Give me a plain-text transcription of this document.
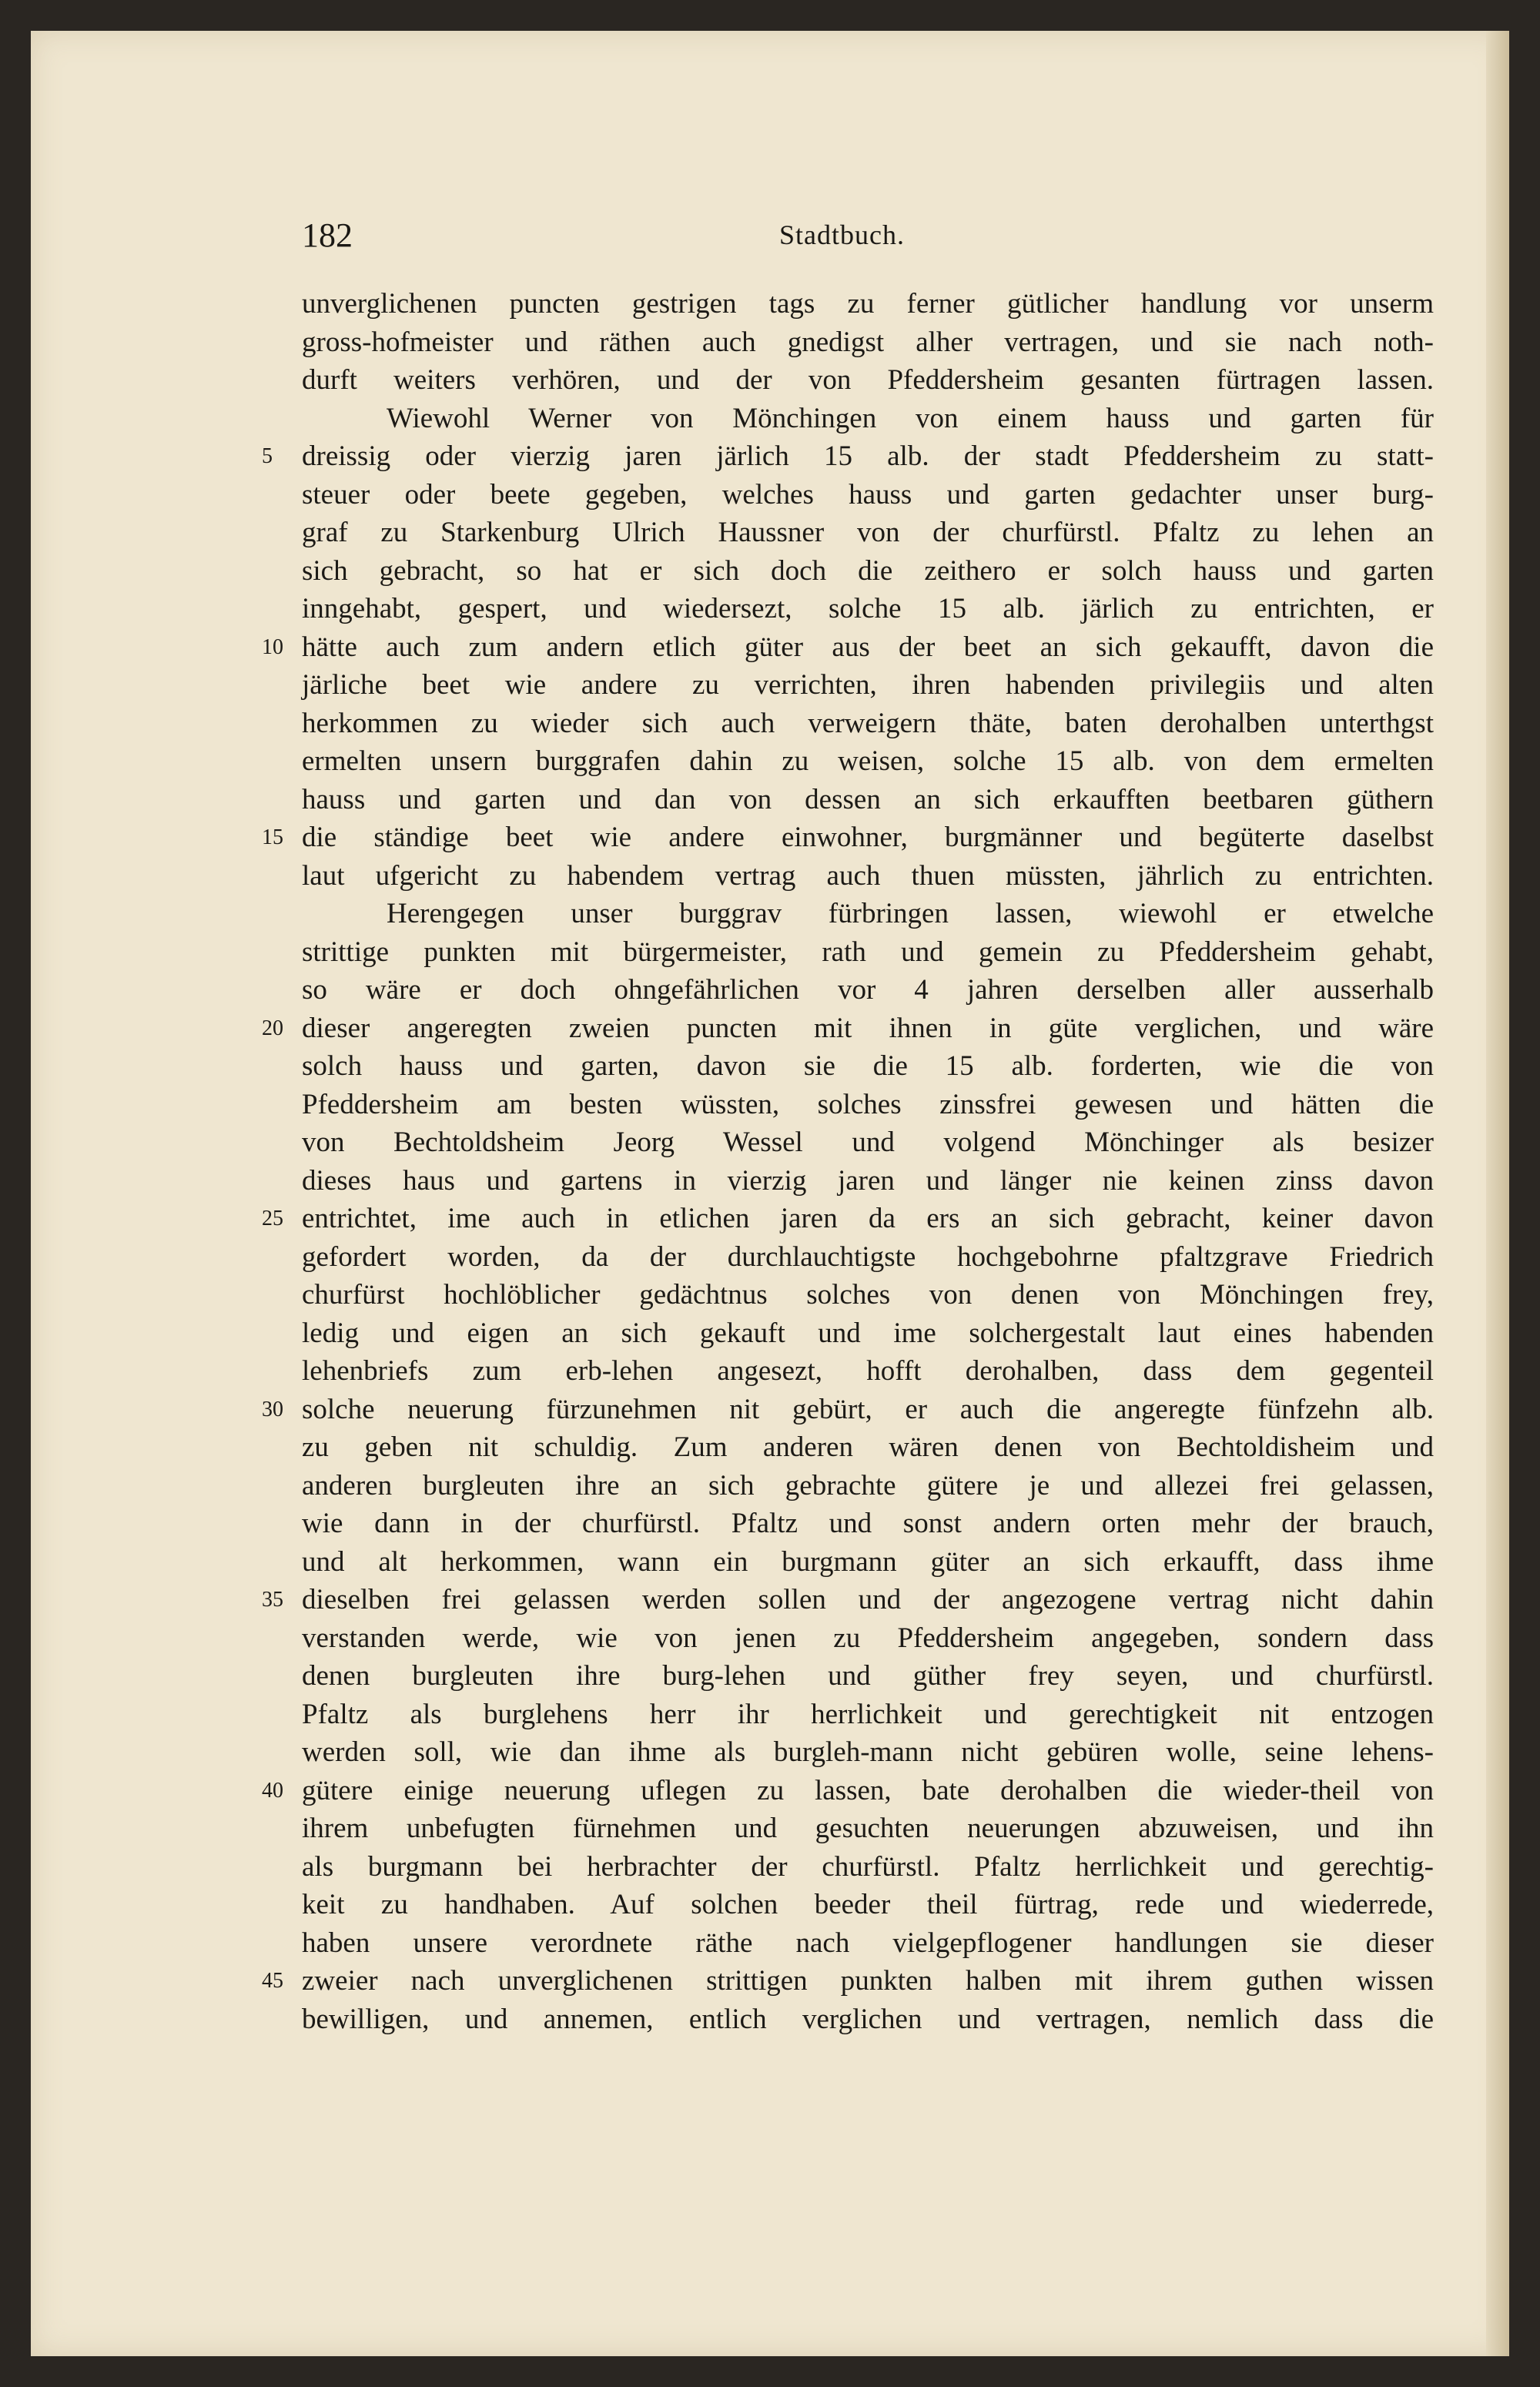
182	Stadtbuch.
unverglichenen puncten gestrigen tags zu ferner gütlicher handlung vor unserm
gross-hofmeister und räthen auch gnedigst alher vertragen, und sie nach noth-
durft weiters verhören, und der von Pfeddersheim gesanten fürtragen lassen.
Wiewohl Werner von Mönchingen von einem hauss und garten für
5	dreissig oder vierzig jaren järlich 15 alb. der stadt Pfeddersheim zu statt-
steuer oder beete gegeben, welches hauss und garten gedachter unser burg-
graf zu Starkenburg Ulrich Haussner von der churfürstl. Pfaltz zu lehen an
sich gebracht, so hat er sich doch die zeithero er solch hauss und garten
inngehabt, gespert, und wiedersezt, solche 15 alb. järlich zu entrichten, er
10 hätte auch zum andern etlich güter aus der beet an sich gekaufft, davon die
järliche beet wie andere zu verrichten, ihren habenden privilegiis und alten
herkommen zu wieder sich auch verweigern thäte, baten derohalben unterthgst
ermelten unsern burggrafen dahin zu weisen, solche 15 alb. von dem ermelten
hauss und garten und dan von dessen an sich erkaufften beetbaren güthern
15 die ständige beet wie andere einwohner, burgmänner und begüterte daselbst
laut ufgericht zu habendem vertrag auch thuen müssten, jährlich zu entrichten.
Herengegen unser burggrav fürbringen lassen, wiewohl er etwelche
strittige punkten mit bürgermeister, rath und gemein zu Pfeddersheim gehabt,
so wäre er doch ohngefährlichen vor 4 jahren derselben aller ausserhalb
20 dieser angeregten zweien puncten mit ihnen in güte verglichen, und wäre
solch hauss und garten, davon sie die 15 alb. forderten, wie die von
Pfeddersheim am besten wüssten, solches zinssfrei gewesen und hätten die
von Bechtoldsheim Jeorg Wessel und volgend Mönchinger als besizer
dieses haus und gartens in vierzig jaren und länger nie keinen zinss davon
25 entrichtet, ime auch in etlichen jaren da ers an sich gebracht, keiner davon
gefordert worden, da der durchlauchtigste hochgebohrne pfaltzgrave Friedrich
churfürst hochlöblicher gedächtnus solches von denen von Mönchingen frey,
ledig und eigen an sich gekauft und ime solchergestalt laut eines habenden
lehenbriefs zum erb-lehen angesezt, hofft derohalben, dass dem gegenteil
30 solche neuerung fürzunehmen nit gebürt, er auch die angeregte fünfzehn alb.
zu geben nit schuldig. Zum anderen wären denen von Bechtoldisheim und
anderen burgleuten ihre an sich gebrachte gütere je und allezei frei gelassen,
wie dann in der churfürstl. Pfaltz und sonst andern orten mehr der brauch,
und alt herkommen, wann ein burgmann güter an sich erkaufft, dass ihme
35 dieselben frei gelassen werden sollen und der angezogene vertrag nicht dahin
verstanden werde, wie von jenen zu Pfeddersheim angegeben, sondern dass
denen burgleuten ihre burg-lehen und güther frey seyen, und churfürstl.
Pfaltz als burglehens herr ihr herrlichkeit und gerechtigkeit nit entzogen
werden soll, wie dan ihme als burgleh-mann nicht gebüren wolle, seine lehens-
40 gütere einige neuerung uflegen zu lassen, bate derohalben die wieder-theil von
ihrem unbefugten fürnehmen und gesuchten neuerungen abzuweisen, und ihn
als burgmann bei herbrachter der churfürstl. Pfaltz herrlichkeit und gerechtig-
keit zu handhaben. Auf solchen beeder theil fürtrag, rede und wiederrede,
haben unsere verordnete räthe nach vielgepflogener handlungen sie dieser
45 zweier nach unverglichenen strittigen punkten halben mit ihrem guthen wissen
bewilligen, und annemen, entlich verglichen und vertragen, nemlich dass die
